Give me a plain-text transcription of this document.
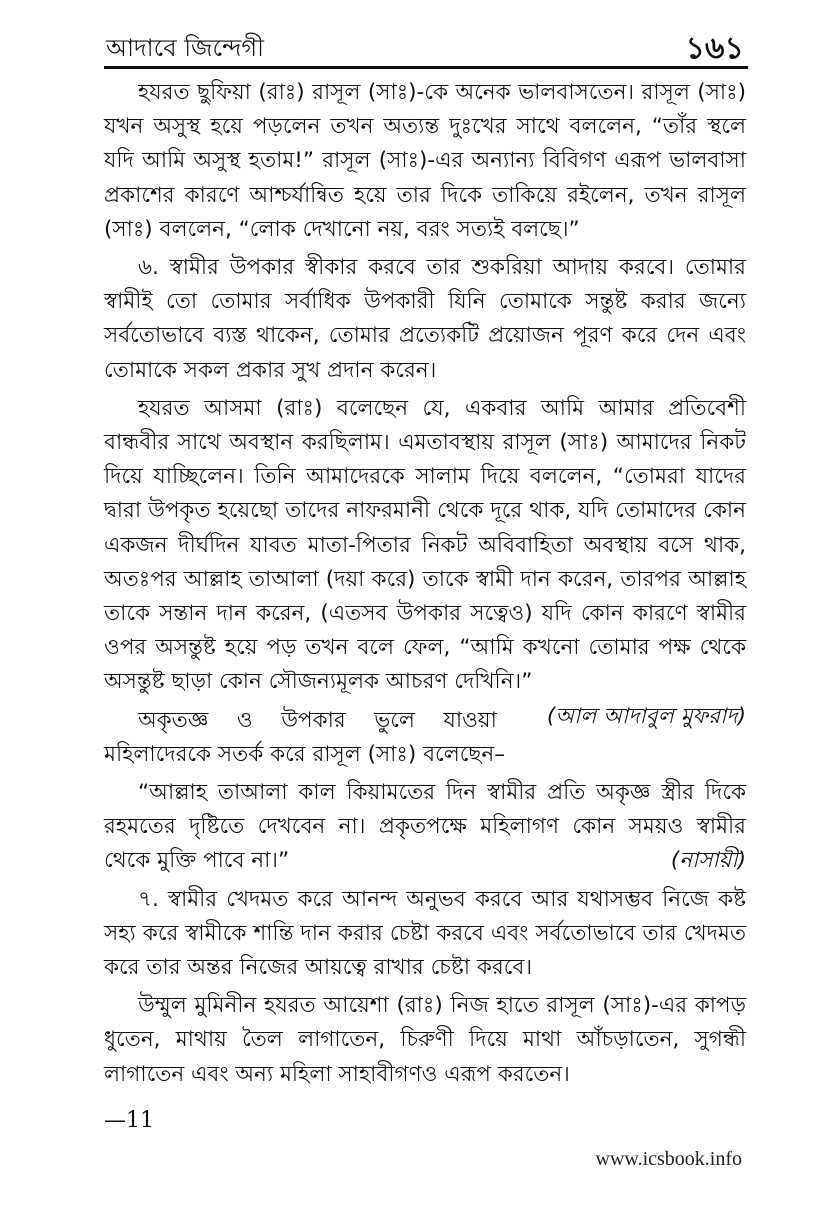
আদাবে জিন্দেগী	১৬১

হযরত ছুফিয়া (রাঃ) রাসূল (সাঃ)-কে অনেক ভালবাসতেন। রাসূল (সাঃ) যখন অসুস্থ হয়ে পড়লেন তখন অত্যন্ত দুঃখের সাথে বললেন, “তাঁর স্থলে যদি আমি অসুস্থ হতাম!” রাসূল (সাঃ)-এর অন্যান্য বিবিগণ এরূপ ভালবাসা প্রকাশের কারণে আশ্চর্যান্বিত হয়ে তার দিকে তাকিয়ে রইলেন, তখন রাসূল (সাঃ) বললেন, “লোক দেখানো নয়, বরং সত্যই বলছে।”

৬. স্বামীর উপকার স্বীকার করবে তার শুকরিয়া আদায় করবে। তোমার স্বামীই তো তোমার সর্বাধিক উপকারী যিনি তোমাকে সন্তুষ্ট করার জন্যে সর্বতোভাবে ব্যস্ত থাকেন, তোমার প্রত্যেকটি প্রয়োজন পূরণ করে দেন এবং তোমাকে সকল প্রকার সুখ প্রদান করেন।

হযরত আসমা (রাঃ) বলেছেন যে, একবার আমি আমার প্রতিবেশী বান্ধবীর সাথে অবস্থান করছিলাম। এমতাবস্থায় রাসূল (সাঃ) আমাদের নিকট দিয়ে যাচ্ছিলেন। তিনি আমাদেরকে সালাম দিয়ে বললেন, “তোমরা যাদের দ্বারা উপকৃত হয়েছো তাদের নাফরমানী থেকে দূরে থাক, যদি তোমাদের কোন একজন দীর্ঘদিন যাবত মাতা-পিতার নিকট অবিবাহিতা অবস্থায় বসে থাক, অতঃপর আল্লাহ তাআলা (দয়া করে) তাকে স্বামী দান করেন, তারপর আল্লাহ তাকে সন্তান দান করেন, (এতসব উপকার সত্বেও) যদি কোন কারণে স্বামীর ওপর অসন্তুষ্ট হয়ে পড় তখন বলে ফেল, “আমি কখনো তোমার পক্ষ থেকে অসন্তুষ্ট ছাড়া কোন সৌজন্যমূলক আচরণ দেখিনি।”
(আল আদাবুল মুফরাদ)

অকৃতজ্ঞ ও উপকার ভুলে যাওয়া মহিলাদেরকে সতর্ক করে রাসূল (সাঃ) বলেছেন–

“আল্লাহ তাআলা কাল কিয়ামতের দিন স্বামীর প্রতি অকৃজ্ঞ স্ত্রীর দিকে রহমতের দৃষ্টিতে দেখবেন না। প্রকৃতপক্ষে মহিলাগণ কোন সময়ও স্বামীর থেকে মুক্তি পাবে না।”	(নাসায়ী)

৭. স্বামীর খেদমত করে আনন্দ অনুভব করবে আর যথাসম্ভব নিজে কষ্ট সহ্য করে স্বামীকে শান্তি দান করার চেষ্টা করবে এবং সর্বতোভাবে তার খেদমত করে তার অন্তর নিজের আয়ত্বে রাখার চেষ্টা করবে।

উম্মুল মুমিনীন হযরত আয়েশা (রাঃ) নিজ হাতে রাসূল (সাঃ)-এর কাপড় ধুতেন, মাথায় তৈল লাগাতেন, চিরুণী দিয়ে মাথা আঁচড়াতেন, সুগন্ধী লাগাতেন এবং অন্য মহিলা সাহাবীগণও এরূপ করতেন।

—11
www.icsbook.info
